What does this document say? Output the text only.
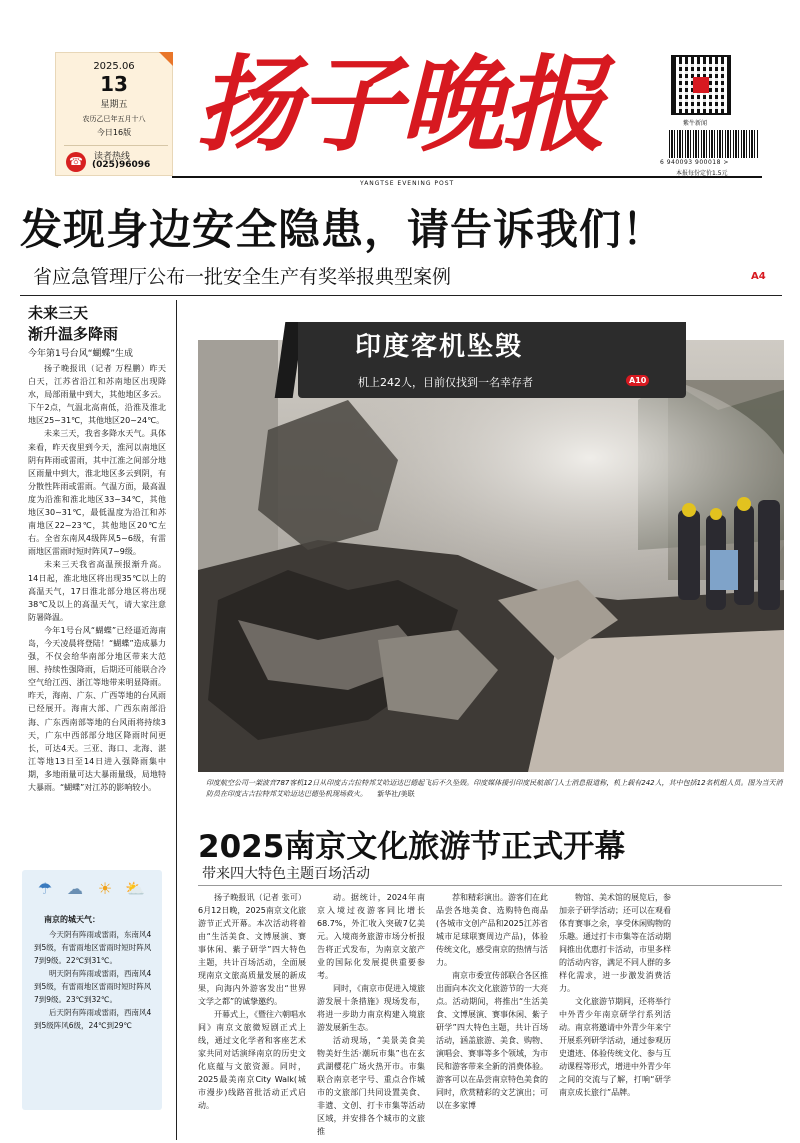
2025.06
13
星期五
农历乙巳年五月十八
今日16版
☎	读者热线
(025)96096 扬子晚报
YANGTSE EVENING POST
紫牛新闻
6 940093 900018 >
本报每份定价1.5元
发现身边安全隐患，请告诉我们！
省应急管理厅公布一批安全生产有奖举报典型案例	A4
未来三天
渐升温多降雨
今年第1号台风“蝴蝶”生成

扬子晚报讯（记者 万程鹏）昨天白天，江苏省沿江和苏南地区出现降水，局部雨量中到大，其他地区多云。下午2点，气温北高南低，沿淮及淮北地区25~31℃，其他地区20~24℃。

未来三天，我省多降水天气。具体来看，昨天夜里到今天，淮河以南地区阴有阵雨或雷雨，其中江淮之间部分地区雨量中到大，淮北地区多云到阴，有分散性阵雨或雷雨。气温方面，最高温度为沿淮和淮北地区33~34℃，其他地区30~31℃，最低温度为沿江和苏南地区22~23℃，其他地区20℃左右。全省东南风4级阵风5~6级，有雷雨地区雷雨时短时阵风7~9级。

未来三天我省高温预报渐升高。14日起，淮北地区将出现35℃以上的高温天气，17日淮北部分地区将出现38℃及以上的高温天气，请大家注意防暑降温。

今年1号台风“蝴蝶”已经逼近海南岛，今天凌晨将登陆！“蝴蝶”造成暴力强，不仅会给华南部分地区带来大范围、持续性强降雨，后期还可能联合冷空气给江西、浙江等地带来明显降雨。昨天，海南、广东、广西等地的台风雨已经展开。海南大部、广西东南部沿海、广东西南部等地的台风雨将持续3天，广东中西部部分地区降雨时间更长，可达4天。三亚、海口、北海、湛江等地13日至14日进入强降雨集中期，多地雨量可达大暴雨量级，局地特大暴雨。“蝴蝶”对江苏的影响较小。

☂ ☁ ☀ ⛅
南京的城天气：

今天阴有阵雨或雷雨，东南风4到5级，有雷雨地区雷雨时短时阵风7到9级。22℃到31℃。

明天阴有阵雨或雷雨，西南风4到5级，有雷雨地区雷雨时短时阵风7到9级。23℃到32℃。

后天阴有阵雨或雷雨，西南风4到5级阵风6级，24℃到29℃

印度客机坠毁
机上242人，目前仅找到一名幸存者	A10
印度航空公司一架波音787客机12日从印度古吉拉特邦艾哈迈达巴德起飞后不久坠毁。印度媒体援引印度民航部门人士消息报道称，机上载有242人，其中包括12名机组人员。图为当天消防员在印度古吉拉特邦艾哈迈达巴德坠机现场救火。 新华社/美联
2025南京文化旅游节正式开幕
带来四大特色主题百场活动

扬子晚报讯（记者 张可）6月12日晚，2025南京文化旅游节正式开幕。本次活动将着由“生活美食、文博展演、赛事休闲、紫子研学”四大特色主题，共计百场活动，全面展现南京文旅高质量发展的新成果，向海内外游客发出“世界文学之都”的诚挚邀约。

开幕式上，《暨往六朝唱水间》南京文旅微短剧正式上线，通过文化学者和客座艺术家共同对话演绎南京的历史文化底蕴与文旅资源。同时，2025最美南京City Walk(城市漫步)线路首批活动正式启动。

动。据统计，2024年南京入境过夜游客同比增长68.7%，外汇收入突破7亿美元。入境商务旅游市场分析报告将正式发布，为南京文旅产业的国际化发展提供重要参考。

同时，《南京市促进入境旅游发展十条措施》现场发布，将进一步助力南京构建入境旅游发展新生态。

活动现场，“美景美食美物美好生活·潮玩市集”也在玄武湖樱花广场火热开市。市集联合南京老字号、重点合作城市的文旅部门共同设置美食、非遗、文创、打卡市集等活动区域，并安排各个城市的文旅推

荐和精彩演出。游客们在此品尝各地美食、选购特色商品(各城市文创产品和2025江苏省城市足球联赛周边产品)，体验传统文化，感受南京的热情与活力。

南京市委宣传部联合各区推出面向本次文化旅游节的一大亮点。活动期间，将推出“生活美食、文博展演、赛事休闲、紫子研学”四大特色主题，共计百场活动，涵盖旅游、美食、购物、演唱会、赛事等多个领域，为市民和游客带来全新的消费体验。游客可以在品尝南京特色美食的同时，欣赏精彩的文艺演出；可以在多家博

物馆、美术馆的展览后，参加亲子研学活动；还可以在观看体育赛事之余，享受休闲购物的乐趣。通过打卡市集等在活动期间推出优惠打卡活动，市里多样的活动内容，满足不同人群的多样化需求，进一步激发消费活力。

文化旅游节期间，还将举行中外青少年南京研学行系列活动。南京将邀请中外青少年来宁开展系列研学活动，通过参观历史遗迹、体验传统文化、参与互动课程等形式，增进中外青少年之间的交流与了解，打响“研学南京成长旅行”品牌。
